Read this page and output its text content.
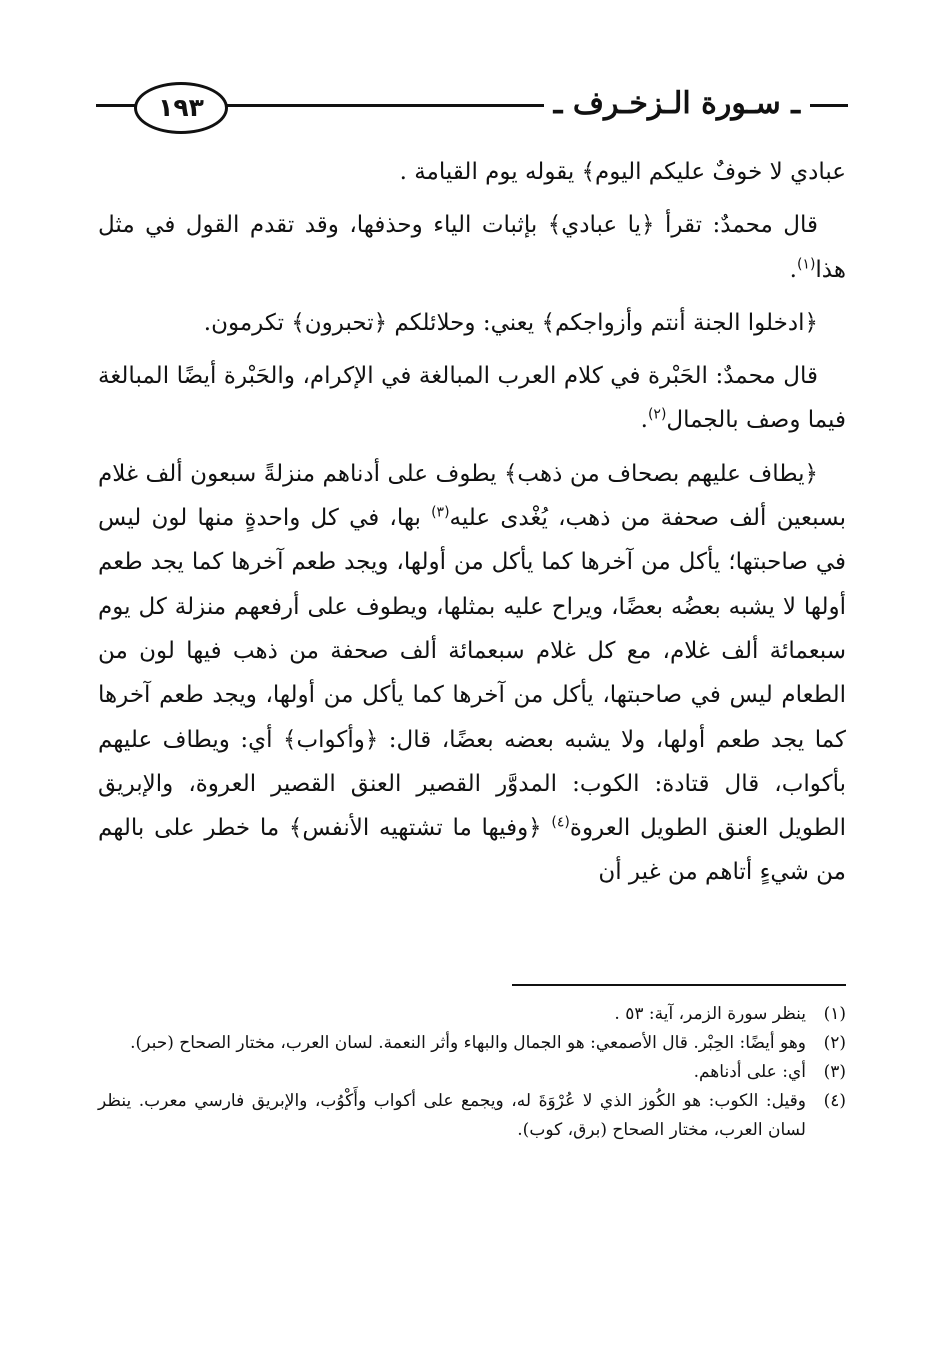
١٩٣	ـ سـورة الـزخـرف ـ

عبادي لا خوفٌ عليكم اليوم﴾ يقوله يوم القيامة .

قال محمدٌ: تقرأ ﴿يا عبادي﴾ بإثبات الياء وحذفها، وقد تقدم القول في مثل هذا$^{(١)}$.

﴿ادخلوا الجنة أنتم وأزواجكم﴾ يعني: وحلائلكم ﴿تحبرون﴾ تكرمون.

قال محمدٌ: الحَبْرة في كلام العرب المبالغة في الإكرام، والحَبْرة أيضًا المبالغة فيما وصف بالجمال$^{(٢)}$.

﴿يطاف عليهم بصحاف من ذهب﴾ يطوف على أدناهم منزلةً سبعون ألف غلام بسبعين ألف صحفة من ذهب، يُغْدى عليه$^{(٣)}$ بها، في كل واحدةٍ منها لون ليس في صاحبتها؛ يأكل من آخرها كما يأكل من أولها، ويجد طعم آخرها كما يجد طعم أولها لا يشبه بعضُه بعضًا، ويراح عليه بمثلها، ويطوف على أرفعهم منزلة كل يوم سبعمائة ألف غلام، مع كل غلام سبعمائة ألف صحفة من ذهب فيها لون من الطعام ليس في صاحبتها، يأكل من آخرها كما يأكل من أولها، ويجد طعم آخرها كما يجد طعم أولها، ولا يشبه بعضه بعضًا، قال: ﴿وأكواب﴾ أي: ويطاف عليهم بأكواب، قال قتادة: الكوب: المدوَّر القصير العنق القصير العروة، والإبريق الطويل العنق الطويل العروة$^{(٤)}$ ﴿وفيها ما تشتهيه الأنفس﴾ ما خطر على بالهم من شيءٍ أتاهم من غير أن

(١)
ينظر سورة الزمر، آية: ٥٣ .
(٢)
وهو أيضًا: الحِبْر. قال الأصمعي: هو الجمال والبهاء وأثر النعمة. لسان العرب، مختار الصحاح (حبر).
(٣)
أي: على أدناهم.
(٤)
وقيل: الكوب: هو الكُوز الذي لا عُرْوَةَ له، ويجمع على أكواب وأَكْوُب، والإبريق فارسي معرب. ينظر لسان العرب، مختار الصحاح (برق، كوب).
